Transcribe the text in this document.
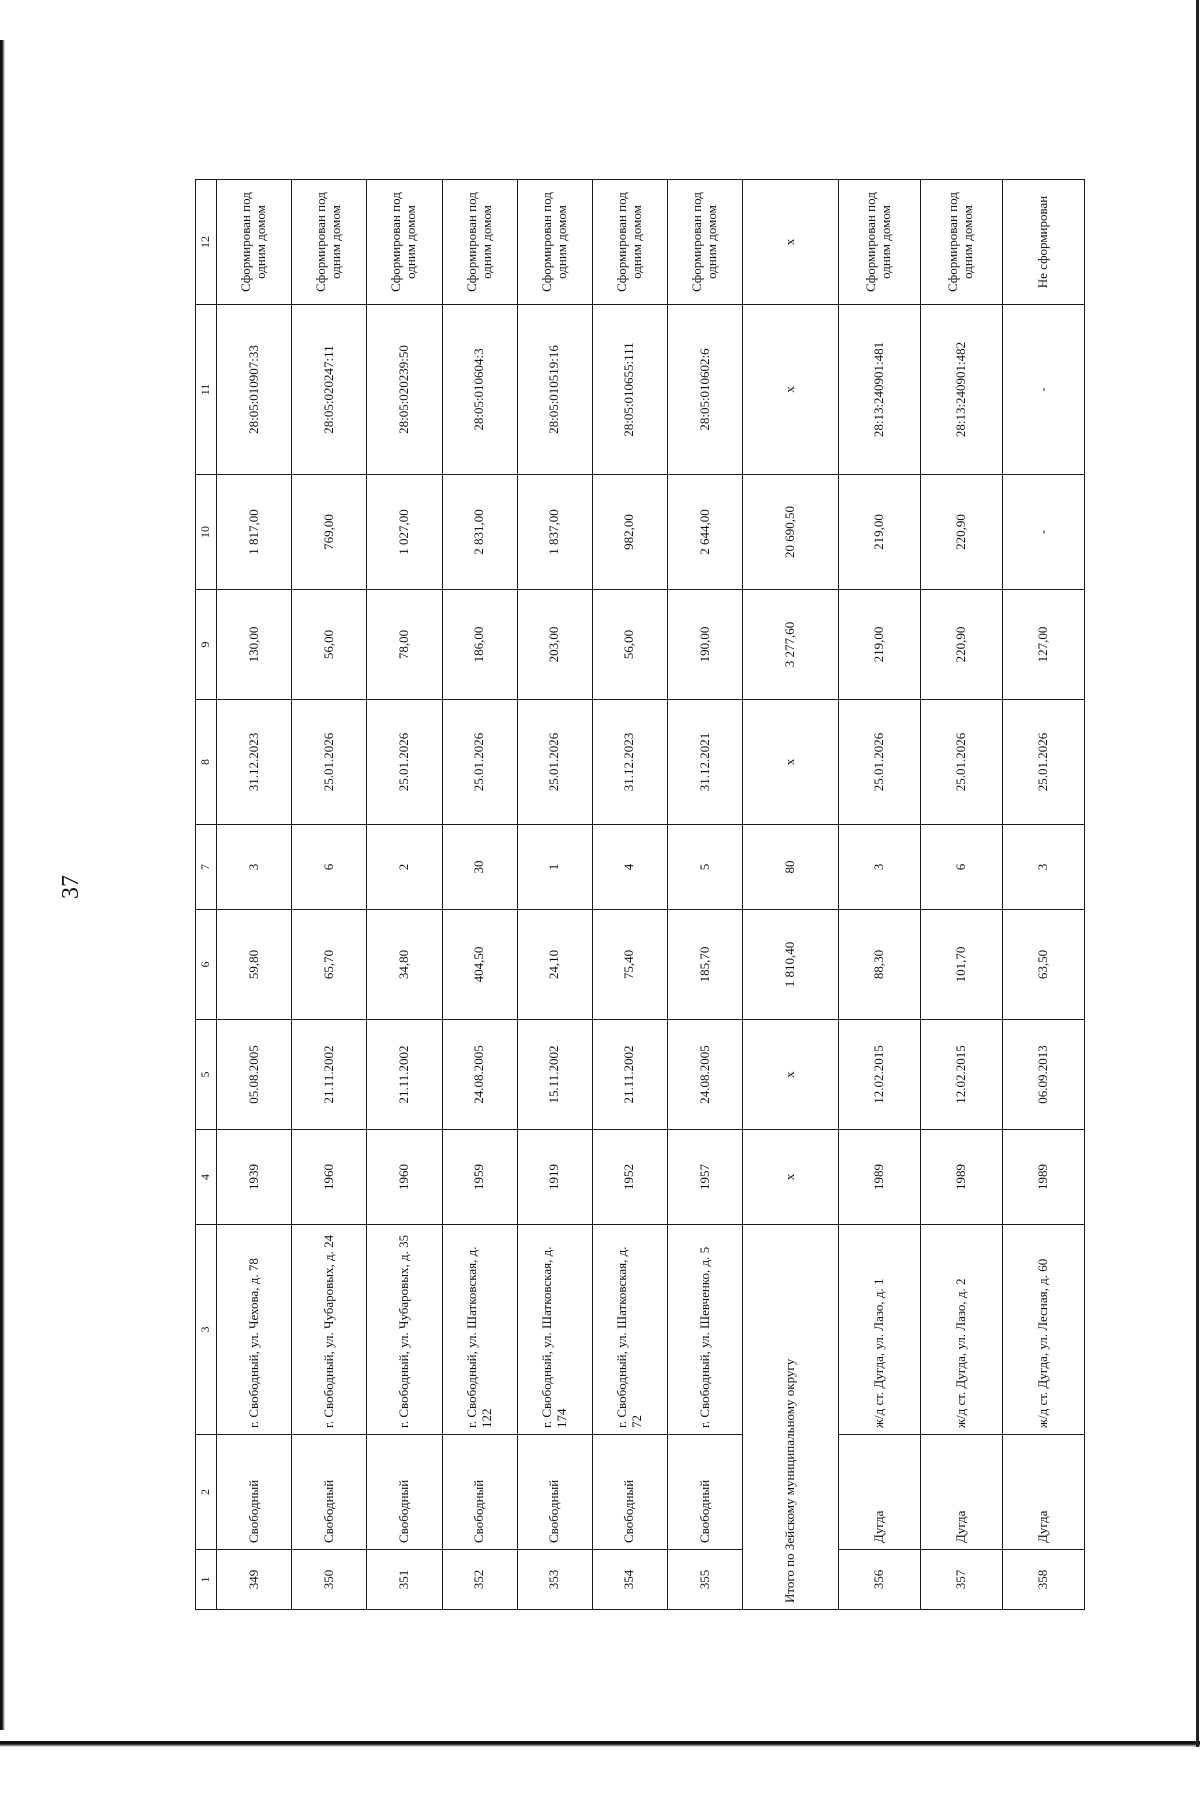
37
1	2	3	4	5	6	7	8	9	10	11	12
349	Свободный	г. Свободный, ул. Чехова, д. 78	1939	05.08.2005	59,80	3	31.12.2023	130,00	1 817,00	28:05:010907:33	Сформирован под одним домом
350	Свободный	г. Свободный, ул. Чубаровых, д. 24	1960	21.11.2002	65,70	6	25.01.2026	56,00	769,00	28:05:020247:11	Сформирован под одним домом
351	Свободный	г. Свободный, ул. Чубаровых, д. 35	1960	21.11.2002	34,80	2	25.01.2026	78,00	1 027,00	28:05:020239:50	Сформирован под одним домом
352	Свободный	г. Свободный, ул. Шатковская, д. 122	1959	24.08.2005	404,50	30	25.01.2026	186,00	2 831,00	28:05:010604:3	Сформирован под одним домом
353	Свободный	г. Свободный, ул. Шатковская, д. 174	1919	15.11.2002	24,10	1	25.01.2026	203,00	1 837,00	28:05:010519:16	Сформирован под одним домом
354	Свободный	г. Свободный, ул. Шатковская, д. 72	1952	21.11.2002	75,40	4	31.12.2023	56,00	982,00	28:05:010655:111	Сформирован под одним домом
355	Свободный	г. Свободный, ул. Шевченко, д. 5	1957	24.08.2005	185,70	5	31.12.2021	190,00	2 644,00	28:05:010602:6	Сформирован под одним домом
Итого по Зейскому муниципальному округу			x	x	1 810,40	80	x	3 277,60	20 690,50	x	x
356	Дугда	ж/д ст. Дугда, ул. Лазо, д. 1	1989	12.02.2015	88,30	3	25.01.2026	219,00	219,00	28:13:240901:481	Сформирован под одним домом
357	Дугда	ж/д ст. Дугда, ул. Лазо, д. 2	1989	12.02.2015	101,70	6	25.01.2026	220,90	220,90	28:13:240901:482	Сформирован под одним домом
358	Дугда	ж/д ст. Дугда, ул. Лесная, д. 60	1989	06.09.2013	63,50	3	25.01.2026	127,00	-	-	Не сформирован
